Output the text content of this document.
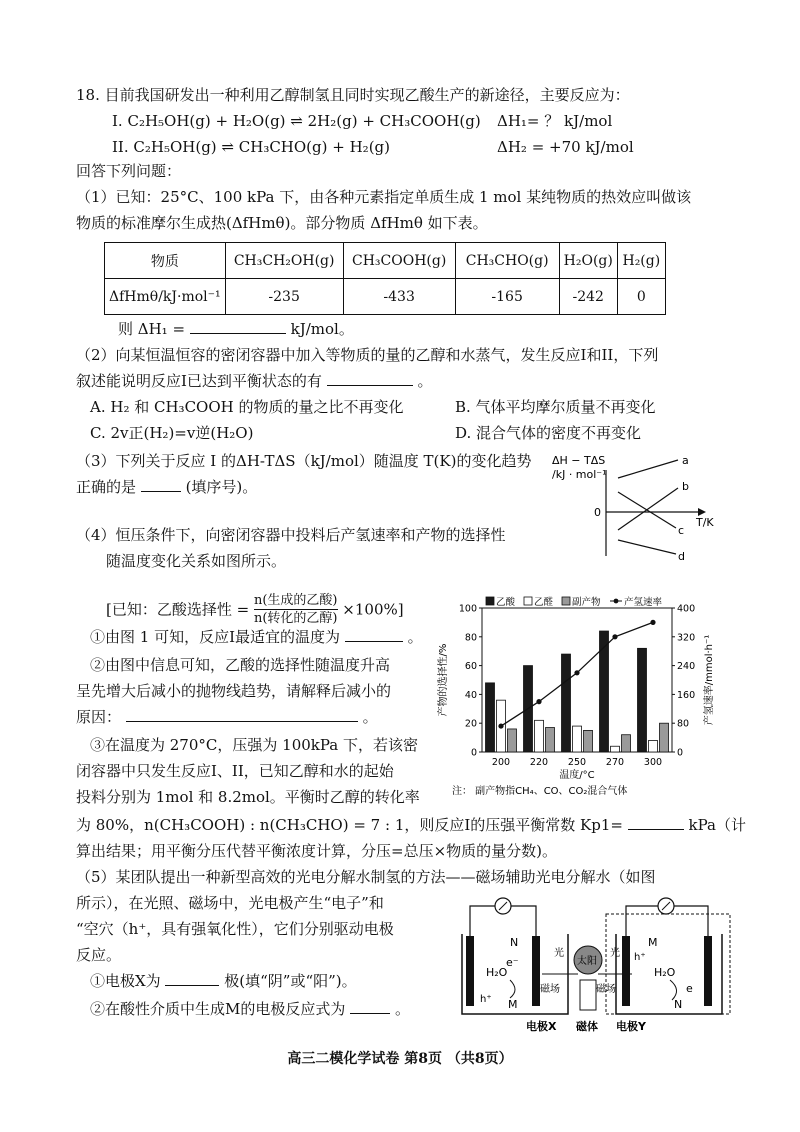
18. 目前我国研发出一种利用乙醇制氢且同时实现乙酸生产的新途径，主要反应为：
I. C₂H₅OH(g) + H₂O(g) ⇌ 2H₂(g) + CH₃COOH(g) ΔH₁= ？ kJ/mol
II. C₂H₅OH(g) ⇌ CH₃CHO(g) + H₂(g)	ΔH₂ = +70 kJ/mol
回答下列问题：
（1）已知：25°C、100 kPa 下，由各种元素指定单质生成 1 mol 某纯物质的热效应叫做该
物质的标准摩尔生成热(ΔfHmθ)。部分物质 ΔfHmθ 如下表。
物质	CH₃CH₂OH(g)	CH₃COOH(g)	CH₃CHO(g)	H₂O(g)	H₂(g)
ΔfHmθ/kJ·mol⁻¹	-235	-433	-165	-242	0
则 ΔH₁ =	kJ/mol。
（2）向某恒温恒容的密闭容器中加入等物质的量的乙醇和水蒸气，发生反应I和II，下列
叙述能说明反应I已达到平衡状态的有	。
A. H₂ 和 CH₃COOH 的物质的量之比不再变化	B. 气体平均摩尔质量不再变化
C. 2v正(H₂)=v逆(H₂O)	D. 混合气体的密度不再变化
（3）下列关于反应 I 的ΔH-TΔS（kJ/mol）随温度 T(K)的变化趋势
正确的是	(填序号)。
ΔH − TΔS
/kJ · mol⁻¹
0
T/K
a
b
c
d
（4）恒压条件下，向密闭容器中投料后产氢速率和产物的选择性
随温度变化关系如图所示。
[已知：乙酸选择性 = n(生成的乙酸)
n(转化的乙醇) ×100%]
①由图 1 可知，反应I最适宜的温度为	。
②由图中信息可知，乙酸的选择性随温度升高
呈先增大后减小的抛物线趋势，请解释后减小的
原因：	。
③在温度为 270°C，压强为 100kPa 下，若该密
闭容器中只发生反应I、II，已知乙醇和水的起始
投料分别为 1mol 和 8.2mol。平衡时乙醇的转化率
为 80%，n(CH₃COOH) : n(CH₃CHO) = 7 : 1，则反应I的压强平衡常数 Kp1=	kPa（计
算出结果；用平衡分压代替平衡浓度计算，分压=总压×物质的量分数)。
0
20
40
60
80
100
0
80
160
240
320
400
200 220 250 270 300
乙酸 乙醛 副产物 产氢速率
产物的选择性/%	产氢速率/mmol·h⁻¹
温度/°C
注： 副产物指CH₄、CO、CO₂混合气体
（5）某团队提出一种新型高效的光电分解水制氢的方法——磁场辅助光电分解水（如图
所示），在光照、磁场中，光电极产生“电子”和
“空穴（h⁺，具有强氧化性），它们分别驱动电极
反应。
①电极X为	极(填“阴”或“阳”)。
②在酸性介质中生成M的电极反应式为	。
N
e⁻
H₂O
h⁺ M
太阳
光
磁场	磁场
光
M
h⁺
H₂O
e
N
电极X 磁体 电极Y
高三二模化学试卷 第8页 （共8页）
